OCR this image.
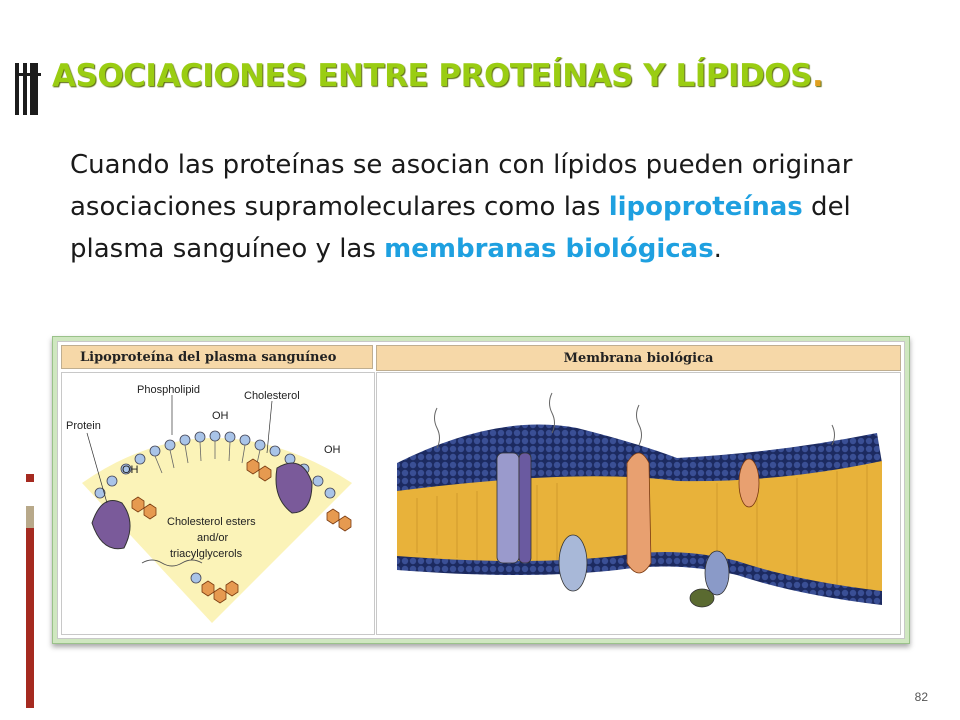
ASOCIACIONES ENTRE PROTEÍNAS Y LÍPIDOS.
Cuando las proteínas se asocian con lípidos pueden originar asociaciones supramoleculares como las lipoproteínas del plasma sanguíneo y las membranas biológicas.
Lipoproteína del plasma sanguíneo	Membrana biológica
Protein
Phospholipid	Cholesterol
OH
OH
OH
Cholesterol esters
and/or
triacylglycerols
82
